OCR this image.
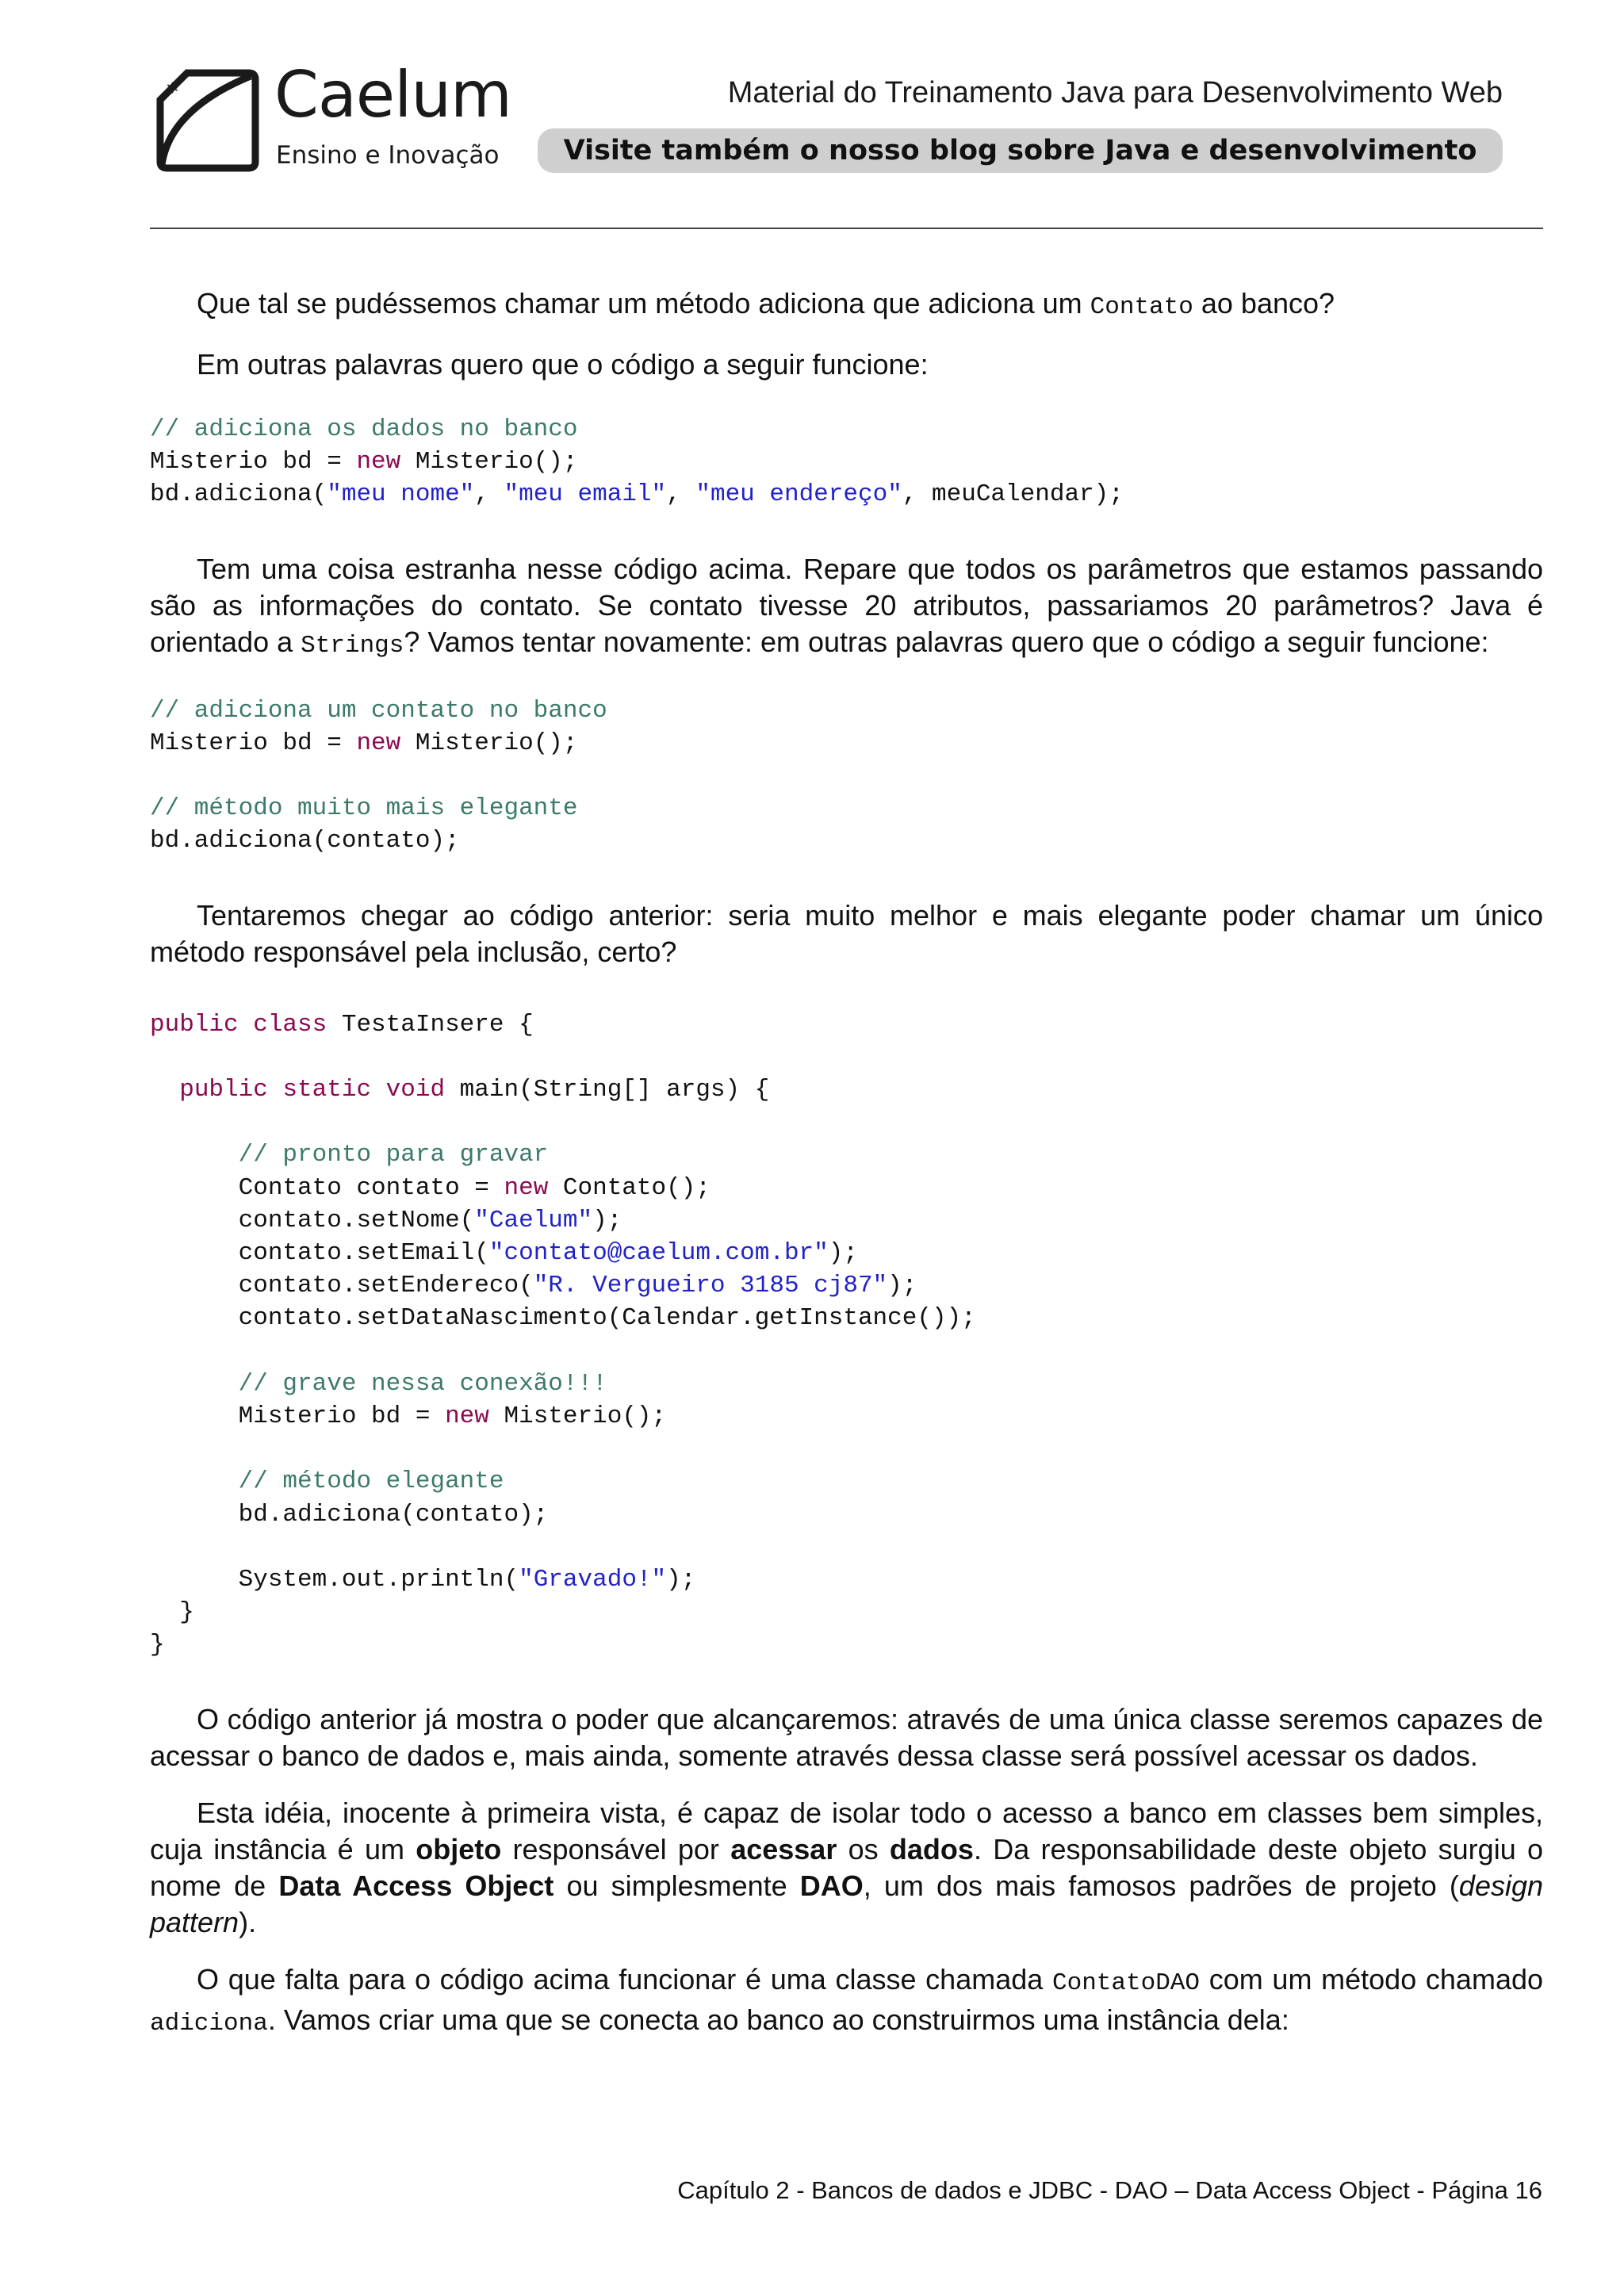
* Caelum
Ensino e Inovação
Material do Treinamento Java para Desenvolvimento Web
Visite também o nosso blog sobre Java e desenvolvimento

Que tal se pudéssemos chamar um método adiciona que adiciona um Contato ao banco?

Em outras palavras quero que o código a seguir funcione:

// adiciona os dados no banco
Misterio bd = new Misterio();
bd.adiciona("meu nome", "meu email", "meu endereço", meuCalendar);

Tem uma coisa estranha nesse código acima. Repare que todos os parâmetros que estamos passando são as informações do contato. Se contato tivesse 20 atributos, passariamos 20 parâmetros? Java é orientado a Strings? Vamos tentar novamente: em outras palavras quero que o código a seguir funcione:

// adiciona um contato no banco
Misterio bd = new Misterio();

// método muito mais elegante
bd.adiciona(contato);

Tentaremos chegar ao código anterior: seria muito melhor e mais elegante poder chamar um único método responsável pela inclusão, certo?

public class TestaInsere {

public static void main(String[] args) {

// pronto para gravar
Contato contato = new Contato();
contato.setNome("Caelum");
contato.setEmail("contato@caelum.com.br");
contato.setEndereco("R. Vergueiro 3185 cj87");
contato.setDataNascimento(Calendar.getInstance());

// grave nessa conexão!!!
Misterio bd = new Misterio();

// método elegante
bd.adiciona(contato);

System.out.println("Gravado!");
}
}

O código anterior já mostra o poder que alcançaremos: através de uma única classe seremos capazes de acessar o banco de dados e, mais ainda, somente através dessa classe será possível acessar os dados.

Esta idéia, inocente à primeira vista, é capaz de isolar todo o acesso a banco em classes bem simples, cuja instância é um objeto responsável por acessar os dados. Da responsabilidade deste objeto surgiu o nome de Data Access Object ou simplesmente DAO, um dos mais famosos padrões de projeto (design pattern).

O que falta para o código acima funcionar é uma classe chamada ContatoDAO com um método chamado adiciona. Vamos criar uma que se conecta ao banco ao construirmos uma instância dela:

Capítulo 2 - Bancos de dados e JDBC - DAO – Data Access Object - Página 16
